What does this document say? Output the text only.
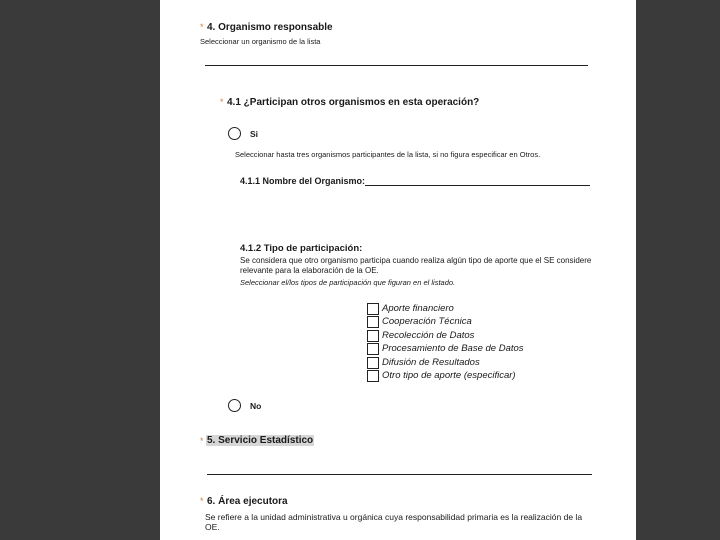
* 4. Organismo responsable
Seleccionar un organismo de la lista
* 4.1 ¿Participan otros organismos en esta operación?
Si
Seleccionar hasta tres organismos participantes de la lista, si no figura especificar en Otros.
4.1.1 Nombre del Organismo:
4.1.2 Tipo de participación:
Se considera que otro organismo participa cuando realiza algún tipo de aporte que el SE considere relevante para la elaboración de la OE.
Seleccionar el/los tipos de participación que figuran en el listado.
Aporte financiero
Cooperación Técnica
Recolección de Datos
Procesamiento de Base de Datos
Difusión de Resultados
Otro tipo de aporte (especificar)
No
* 5. Servicio Estadístico
* 6. Área ejecutora
Se refiere a la unidad administrativa u orgánica cuya responsabilidad primaria es la realización de la OE.
